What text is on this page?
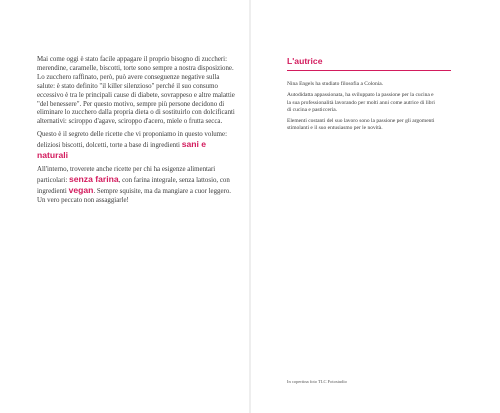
Mai come oggi è stato facile appagare il proprio bisogno di zuccheri: merendine, caramelle, biscotti, torte sono sempre a nostra disposizione. Lo zucchero raffinato, però, può avere conseguenze negative sulla salute: è stato definito "il killer silenzioso" perché il suo consumo eccessivo è tra le principali cause di diabete, sovrappeso e altre malattie "del benessere". Per questo motivo, sempre più persone decidono di eliminare lo zucchero dalla propria dieta o di sostituirlo con dolcificanti alternativi: sciroppo d'agave, sciroppo d'acero, miele o frutta secca.

Questo è il segreto delle ricette che vi proponiamo in questo volume: deliziosi biscotti, dolcetti, torte a base di ingredienti sani e naturali

All'interno, troverete anche ricette per chi ha esigenze alimentari particolari: senza farina, con farina integrale, senza lattosio, con ingredienti vegan. Sempre squisite, ma da mangiare a cuor leggero. Un vero peccato non assaggiarle!

L'autrice

Nina Engels ha studiato filosofia a Colonia.

Autodidatta appassionata, ha sviluppato la passione per la cucina e la sua professionalità lavorando per molti anni come autrice di libri di cucina e pasticceria.

Elementi costanti del suo lavoro sono la passione per gli argomenti stimolanti e il suo entusiasmo per le novità.

In copertina foto TLC Fotostudio
